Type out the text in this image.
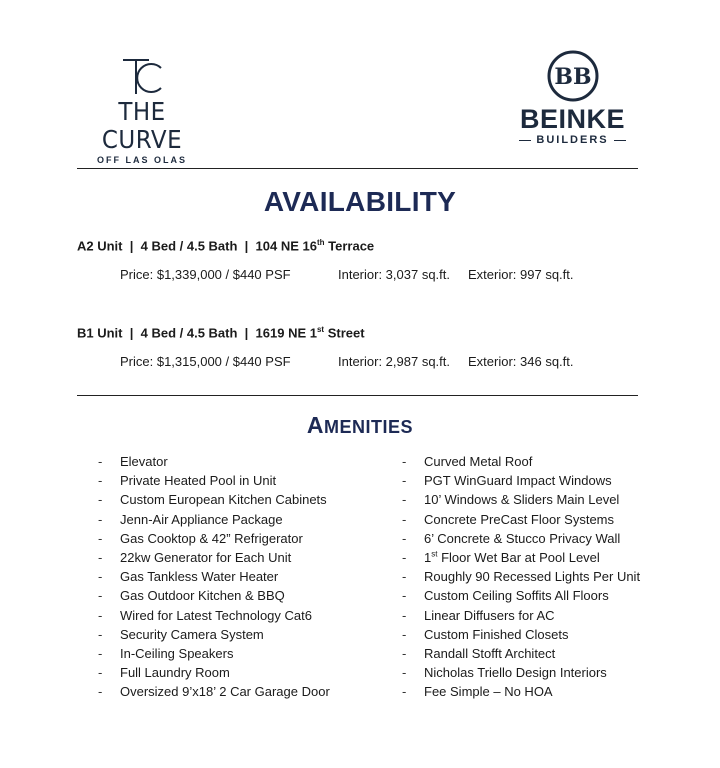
TC
THE CURVE
OFF LAS OLAS
BB
BEINKE
BUILDERS
AVAILABILITY
A2 Unit | 4 Bed / 4.5 Bath | 104 NE 16th Terrace
Price: $1,339,000 / $440 PSF	Interior: 3,037 sq.ft. Exterior: 997 sq.ft.
B1 Unit | 4 Bed / 4.5 Bath | 1619 NE 1st Street
Price: $1,315,000 / $440 PSF	Interior: 2,987 sq.ft. Exterior: 346 sq.ft.
AMENITIES
-	Elevator
-	Private Heated Pool in Unit
-	Custom European Kitchen Cabinets
-	Jenn-Air Appliance Package
-	Gas Cooktop & 42” Refrigerator
-	22kw Generator for Each Unit
-	Gas Tankless Water Heater
-	Gas Outdoor Kitchen & BBQ
-	Wired for Latest Technology Cat6
-	Security Camera System
-	In-Ceiling Speakers
-	Full Laundry Room
-	Oversized 9’x18’ 2 Car Garage Door
-	Curved Metal Roof
-	PGT WinGuard Impact Windows
-	10’ Windows & Sliders Main Level
-	Concrete PreCast Floor Systems
-	6’ Concrete & Stucco Privacy Wall
-	1st Floor Wet Bar at Pool Level
-	Roughly 90 Recessed Lights Per Unit
-	Custom Ceiling Soffits All Floors
-	Linear Diffusers for AC
-	Custom Finished Closets
-	Randall Stofft Architect
-	Nicholas Triello Design Interiors
-	Fee Simple – No HOA
